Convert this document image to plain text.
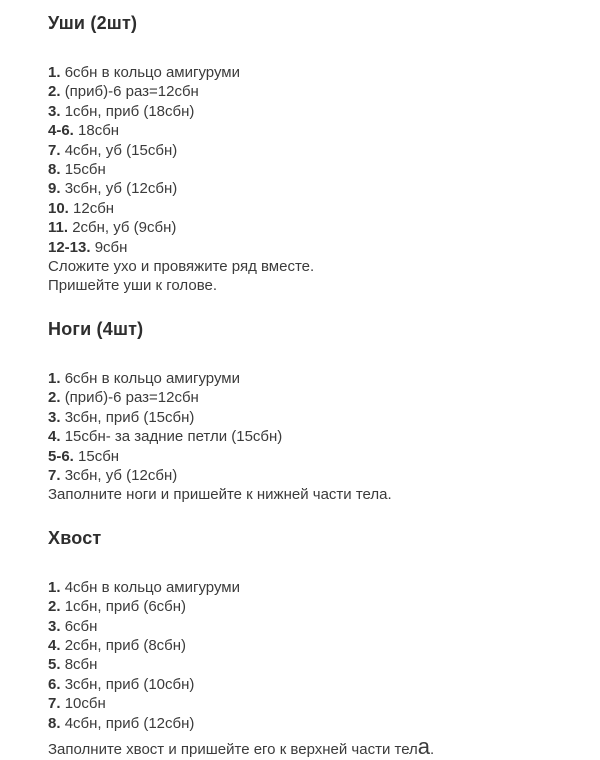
Уши (2шт)
1. 6сбн в кольцо амигуруми
2. (приб)-6 раз=12сбн
3. 1сбн, приб (18сбн)
4-6. 18сбн
7. 4сбн, уб (15сбн)
8. 15сбн
9. 3сбн, уб (12сбн)
10. 12сбн
11. 2сбн, уб (9сбн)
12-13. 9сбн

Сложите ухо и провяжите ряд вместе.

Пришейте уши к голове.

Ноги (4шт)
1. 6сбн в кольцо амигуруми
2. (приб)-6 раз=12сбн
3. 3сбн, приб (15сбн)
4. 15сбн- за задние петли (15сбн)
5-6. 15сбн
7. 3сбн, уб (12сбн)

Заполните ноги и пришейте к нижней части тела.

Хвост
1. 4сбн в кольцо амигуруми
2. 1сбн, приб (6сбн)
3. 6сбн
4. 2сбн, приб (8сбн)
5. 8сбн
6. 3сбн, приб (10сбн)
7. 10сбн
8. 4сбн, приб (12сбн)

Заполните хвост и пришейте его к верхней части тела.
